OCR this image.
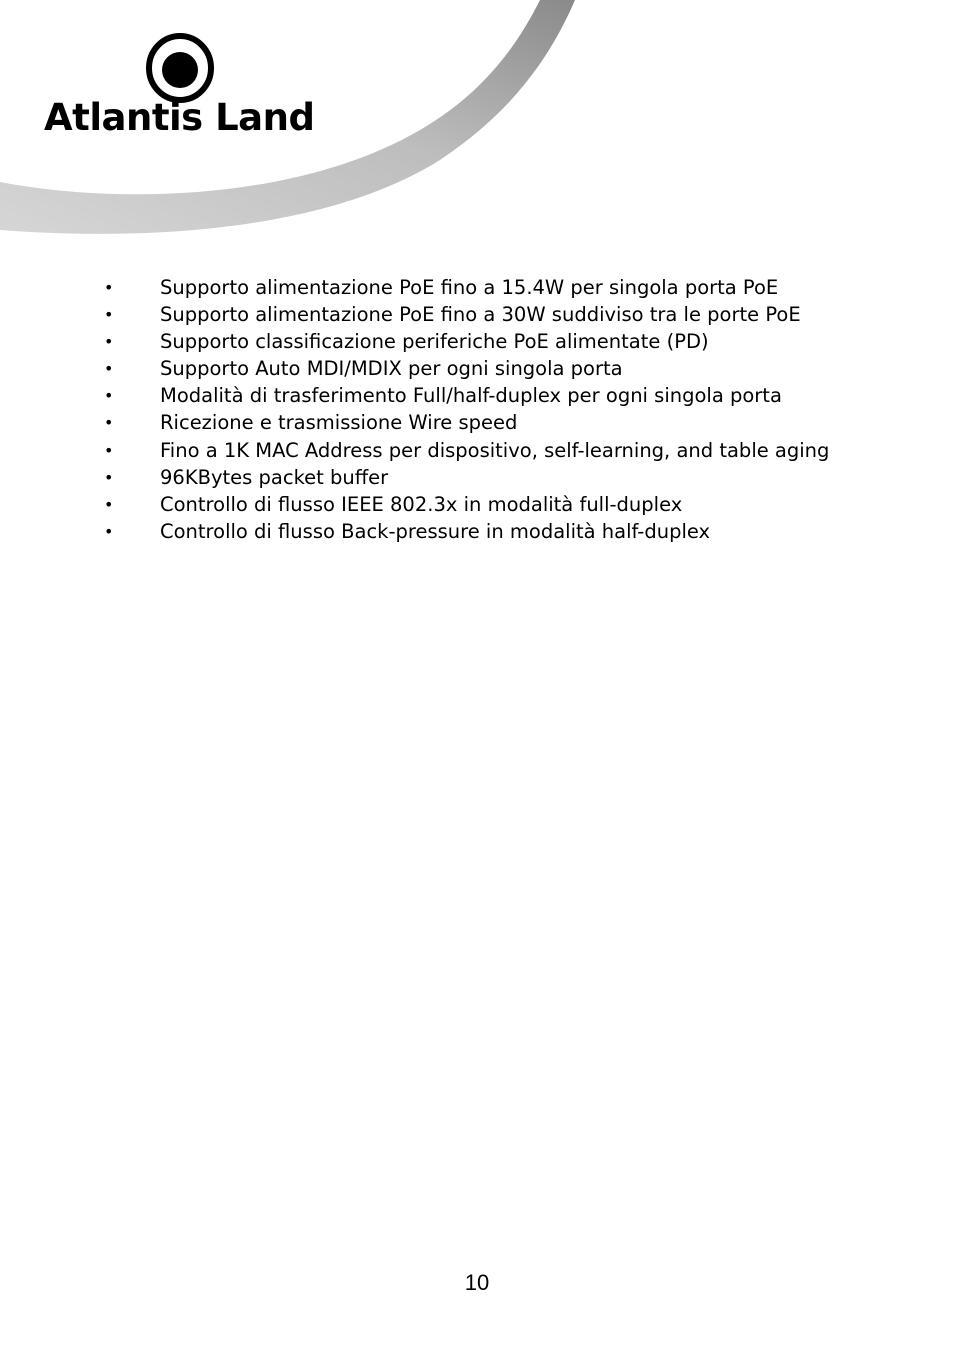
Atlantis Land
• Supporto alimentazione PoE fino a 15.4W per singola porta PoE
• Supporto alimentazione PoE fino a 30W suddiviso tra le porte PoE
• Supporto classificazione periferiche PoE alimentate (PD)
• Supporto Auto MDI/MDIX per ogni singola porta
• Modalità di trasferimento Full/half-duplex per ogni singola porta
• Ricezione e trasmissione Wire speed
• Fino a 1K MAC Address per dispositivo, self-learning, and table aging
• 96KBytes packet buffer
• Controllo di flusso IEEE 802.3x in modalità full-duplex
• Controllo di flusso Back-pressure in modalità half-duplex
10
